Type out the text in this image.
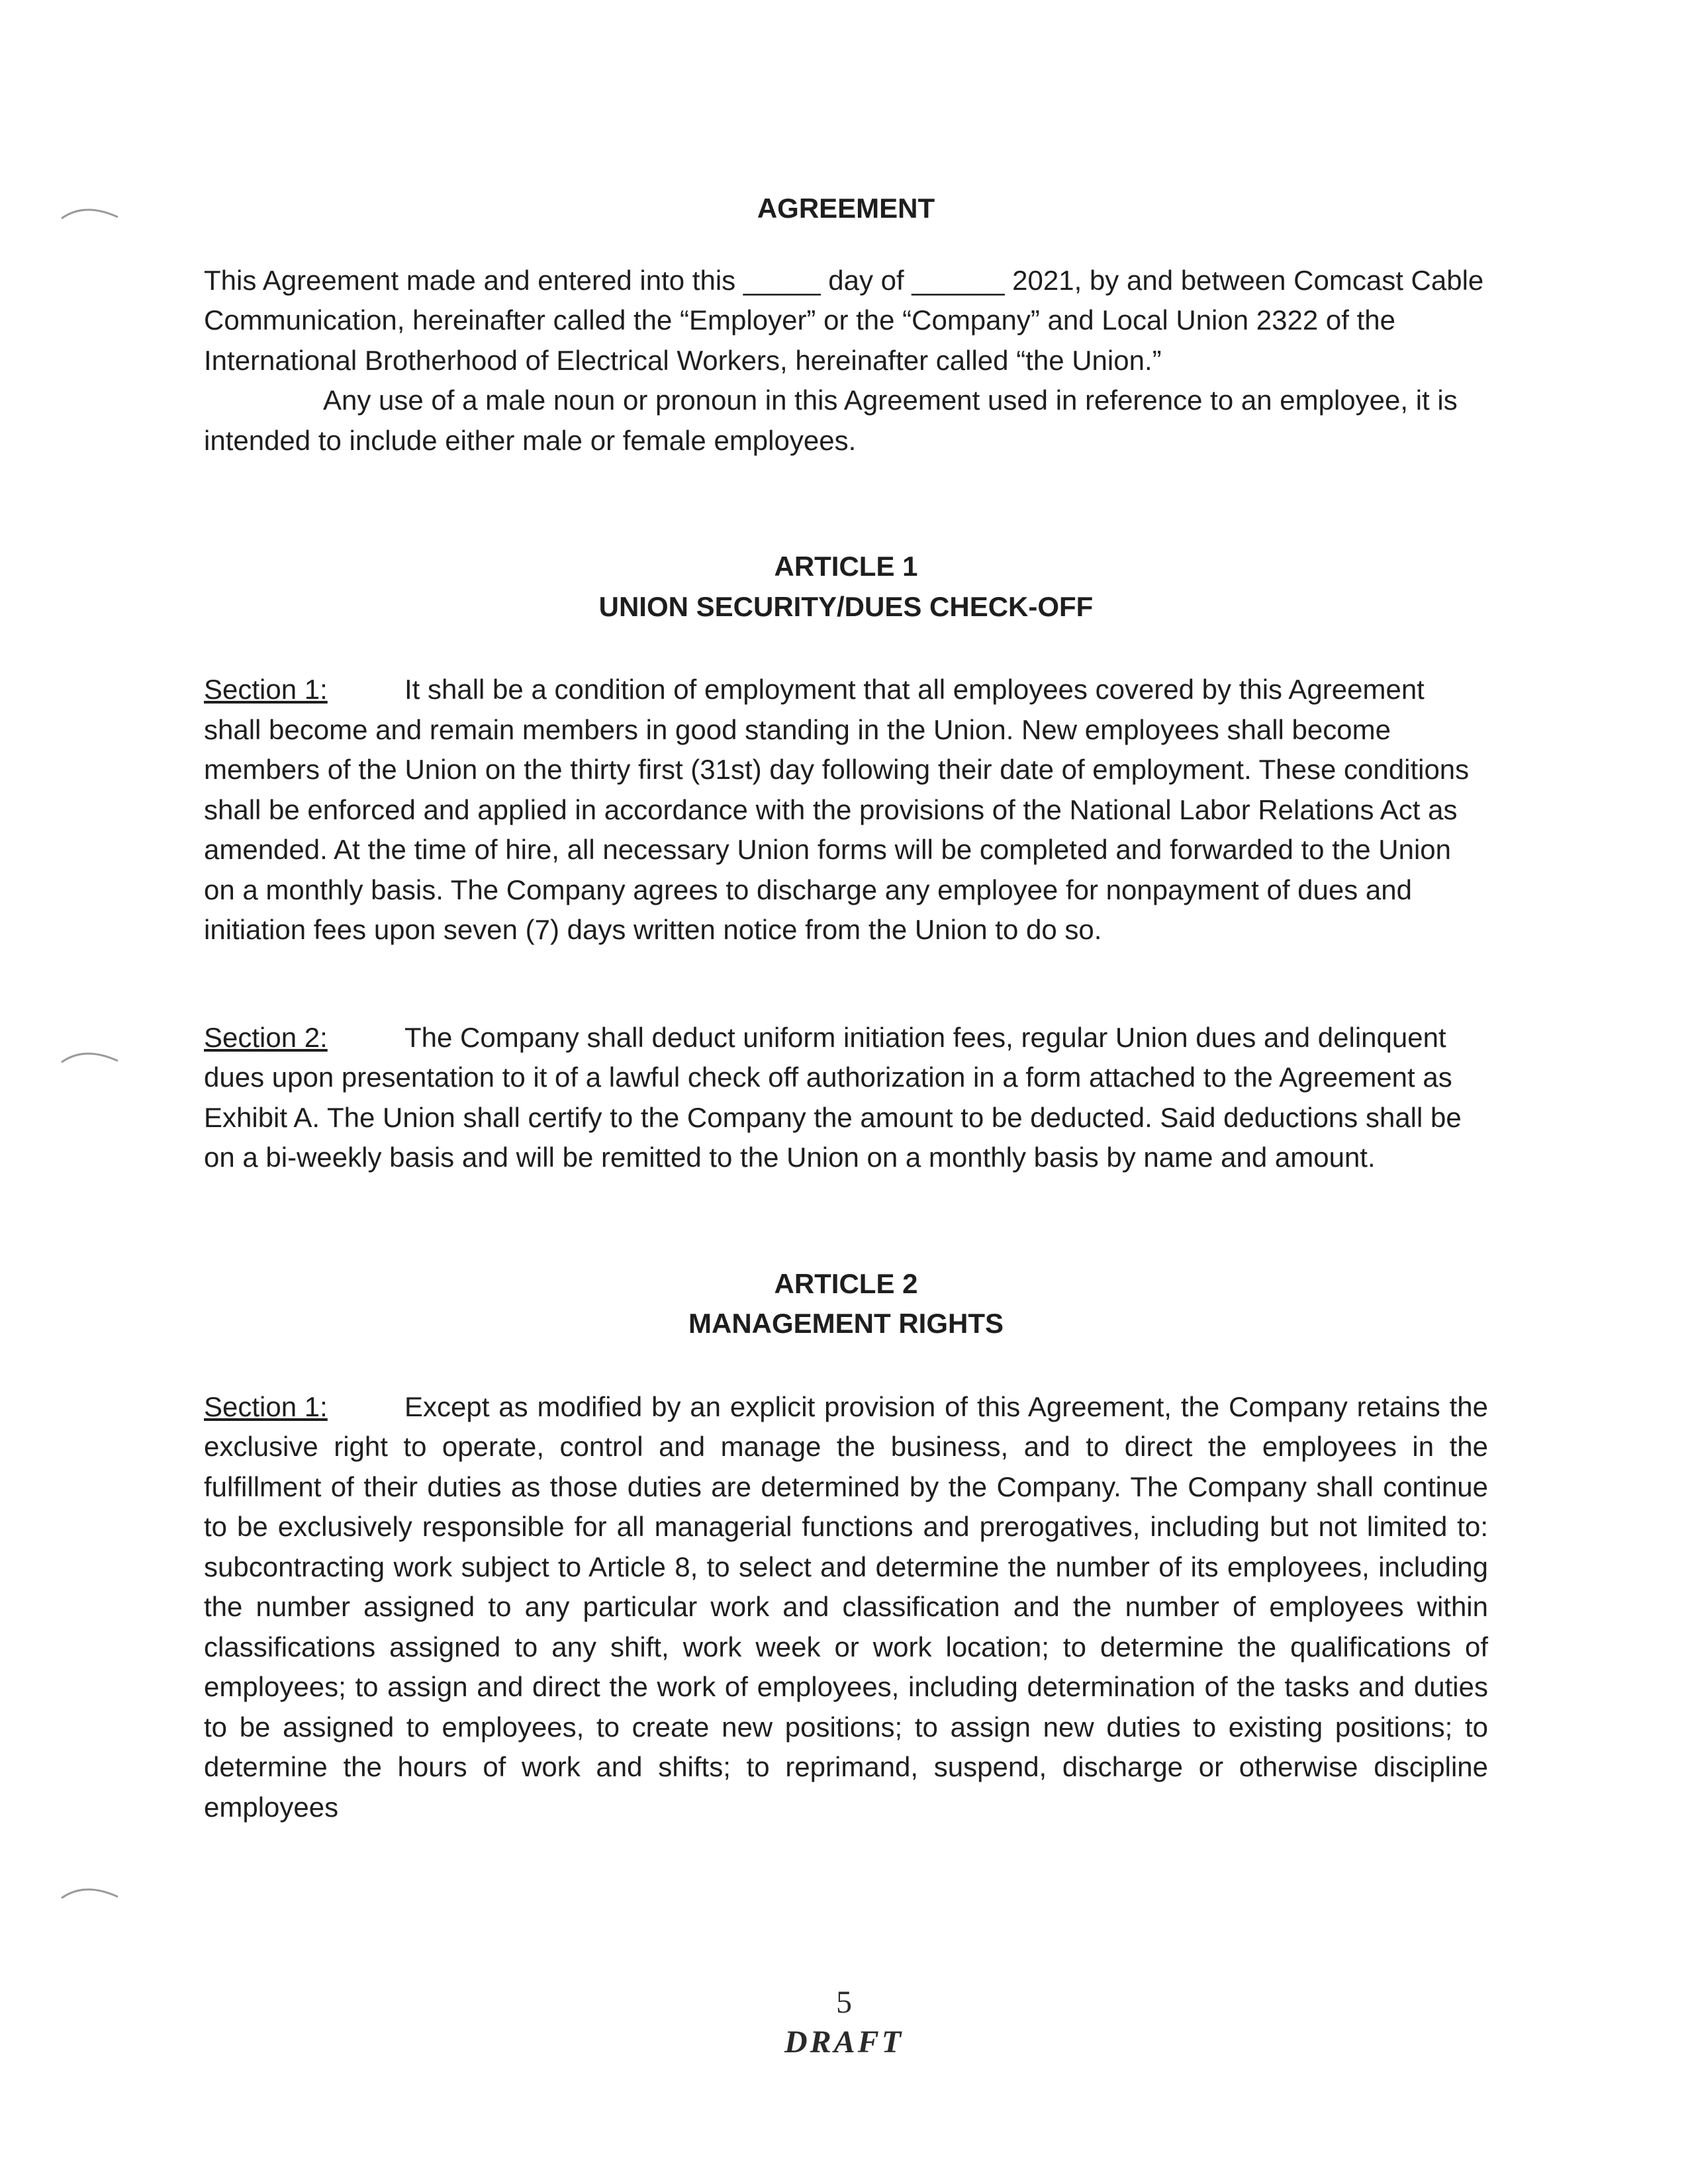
AGREEMENT

This Agreement made and entered into this _____ day of ______ 2021, by and between Comcast Cable Communication, hereinafter called the “Employer” or the “Company” and Local Union 2322 of the International Brotherhood of Electrical Workers, hereinafter called “the Union.”

Any use of a male noun or pronoun in this Agreement used in reference to an employee, it is intended to include either male or female employees.

ARTICLE 1

UNION SECURITY/DUES CHECK-OFF

Section 1:	It shall be a condition of employment that all employees covered by this Agreement shall become and remain members in good standing in the Union. New employees shall become members of the Union on the thirty first (31st) day following their date of employment. These conditions shall be enforced and applied in accordance with the provisions of the National Labor Relations Act as amended. At the time of hire, all necessary Union forms will be completed and forwarded to the Union on a monthly basis. The Company agrees to discharge any employee for nonpayment of dues and initiation fees upon seven (7) days written notice from the Union to do so.

Section 2:	The Company shall deduct uniform initiation fees, regular Union dues and delinquent dues upon presentation to it of a lawful check off authorization in a form attached to the Agreement as Exhibit A. The Union shall certify to the Company the amount to be deducted. Said deductions shall be on a bi-weekly basis and will be remitted to the Union on a monthly basis by name and amount.

ARTICLE 2

MANAGEMENT RIGHTS

Section 1:	Except as modified by an explicit provision of this Agreement, the Company retains the exclusive right to operate, control and manage the business, and to direct the employees in the fulfillment of their duties as those duties are determined by the Company. The Company shall continue to be exclusively responsible for all managerial functions and prerogatives, including but not limited to: subcontracting work subject to Article 8, to select and determine the number of its employees, including the number assigned to any particular work and classification and the number of employees within classifications assigned to any shift, work week or work location; to determine the qualifications of employees; to assign and direct the work of employees, including determination of the tasks and duties to be assigned to employees, to create new positions; to assign new duties to existing positions; to determine the hours of work and shifts; to reprimand, suspend, discharge or otherwise discipline employees

5
DRAFT
